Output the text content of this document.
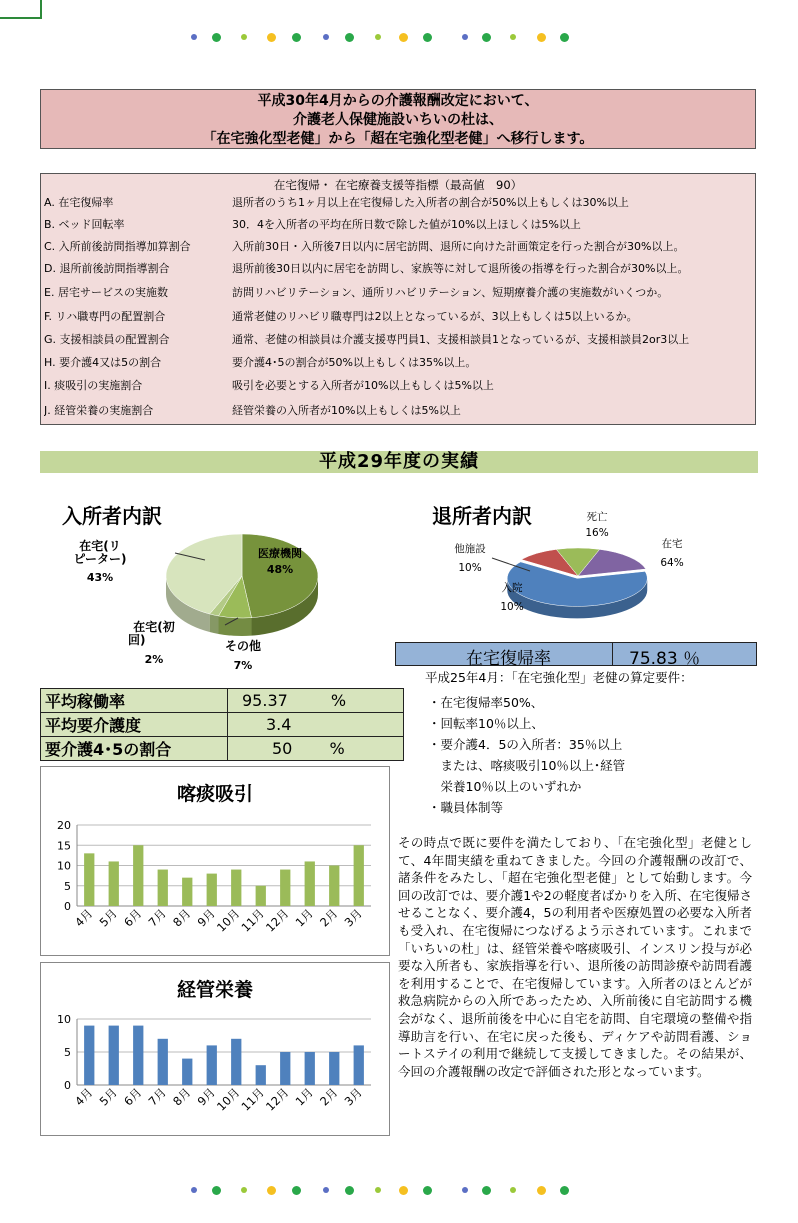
平成30年4月からの介護報酬改定において、
介護老人保健施設いちいの杜は、
「在宅強化型老健」から「超在宅強化型老健」へ移行します。
在宅復帰・ 在宅療養支援等指標（最高値　90）
A. 在宅復帰率	退所者のうち1ヶ月以上在宅復帰した入所者の割合が50%以上もしくは30%以上
B. ベッド回転率	30．4を入所者の平均在所日数で除した値が10%以上ほしくは5%以上
C. 入所前後訪問指導加算割合	入所前30日・入所後7日以内に居宅訪問、退所に向けた計画策定を行った割合が30%以上。
D. 退所前後訪問指導割合	退所前後30日以内に居宅を訪問し、家族等に対して退所後の指導を行った割合が30%以上。
E. 居宅サービスの実施数	訪問リハビリテーション、通所リハビリテーション、短期療養介護の実施数がいくつか。
F. リハ職専門の配置割合	通常老健のリハビリ職専門は2以上となっているが、3以上もしくは5以上いるか。
G. 支援相談員の配置割合	通常、老健の相談員は介護支援専門員1、支援相談員1となっているが、支援相談員2or3以上
H. 要介護4又は5の割合	要介護4･5の割合が50%以上もしくは35%以上。
I. 痰吸引の実施割合	吸引を必要とする入所者が10%以上もしくは5%以上
J. 経管栄養の実施割合	経管栄養の入所者が10%以上もしくは5%以上
平成29年度の実績
入所者内訳
医療機関
48%
在宅(リ
ピーター)
43%
在宅(初
回)
2%
その他
7%
退所者内訳	死亡
16%
他施設
10%
入院
10%
在宅
64%
在宅復帰率	75.83 ％
平均稼働率	95.37 %
平均要介護度	3.4
要介護4･5の割合	50 %
喀痰吸引
0
5
10
15
20
4月 5月 6月 7月 8月 9月
10月
11月
12月 1月 2月 3月
経管栄養
0
5
10
4月 5月 6月 7月 8月 9月
10月
11月
12月 1月 2月 3月
平成25年4月：「在宅強化型」老健の算定要件：
・在宅復帰率50%、
・回転率10％以上、
・要介護4．5の入所者：35％以上
　または、喀痰吸引10％以上･経管
　栄養10％以上のいずれか
・職員体制等
その時点で既に要件を満たしており、「在宅強化型」老健として、4年間実績を重ねてきました。今回の介護報酬の改訂で、諸条件をみたし、「超在宅強化型老健」として始動します。今回の改訂では、要介護1や2の軽度者ばかりを入所、在宅復帰させることなく、要介護4，5の利用者や医療処置の必要な入所者も受入れ、在宅復帰につなげるよう示されています。これまで「いちいの杜」は、経管栄養や喀痰吸引、インスリン投与が必要な入所者も、家族指導を行い、退所後の訪問診療や訪問看護を利用することで、在宅復帰しています。入所者のほとんどが救急病院からの入所であったため、入所前後に自宅訪問する機会がなく、退所前後を中心に自宅を訪問、自宅環境の整備や指導助言を行い、在宅に戻った後も、ディケアや訪問看護、ショートステイの利用で継続して支援してきました。その結果が、今回の介護報酬の改定で評価された形となっています。
